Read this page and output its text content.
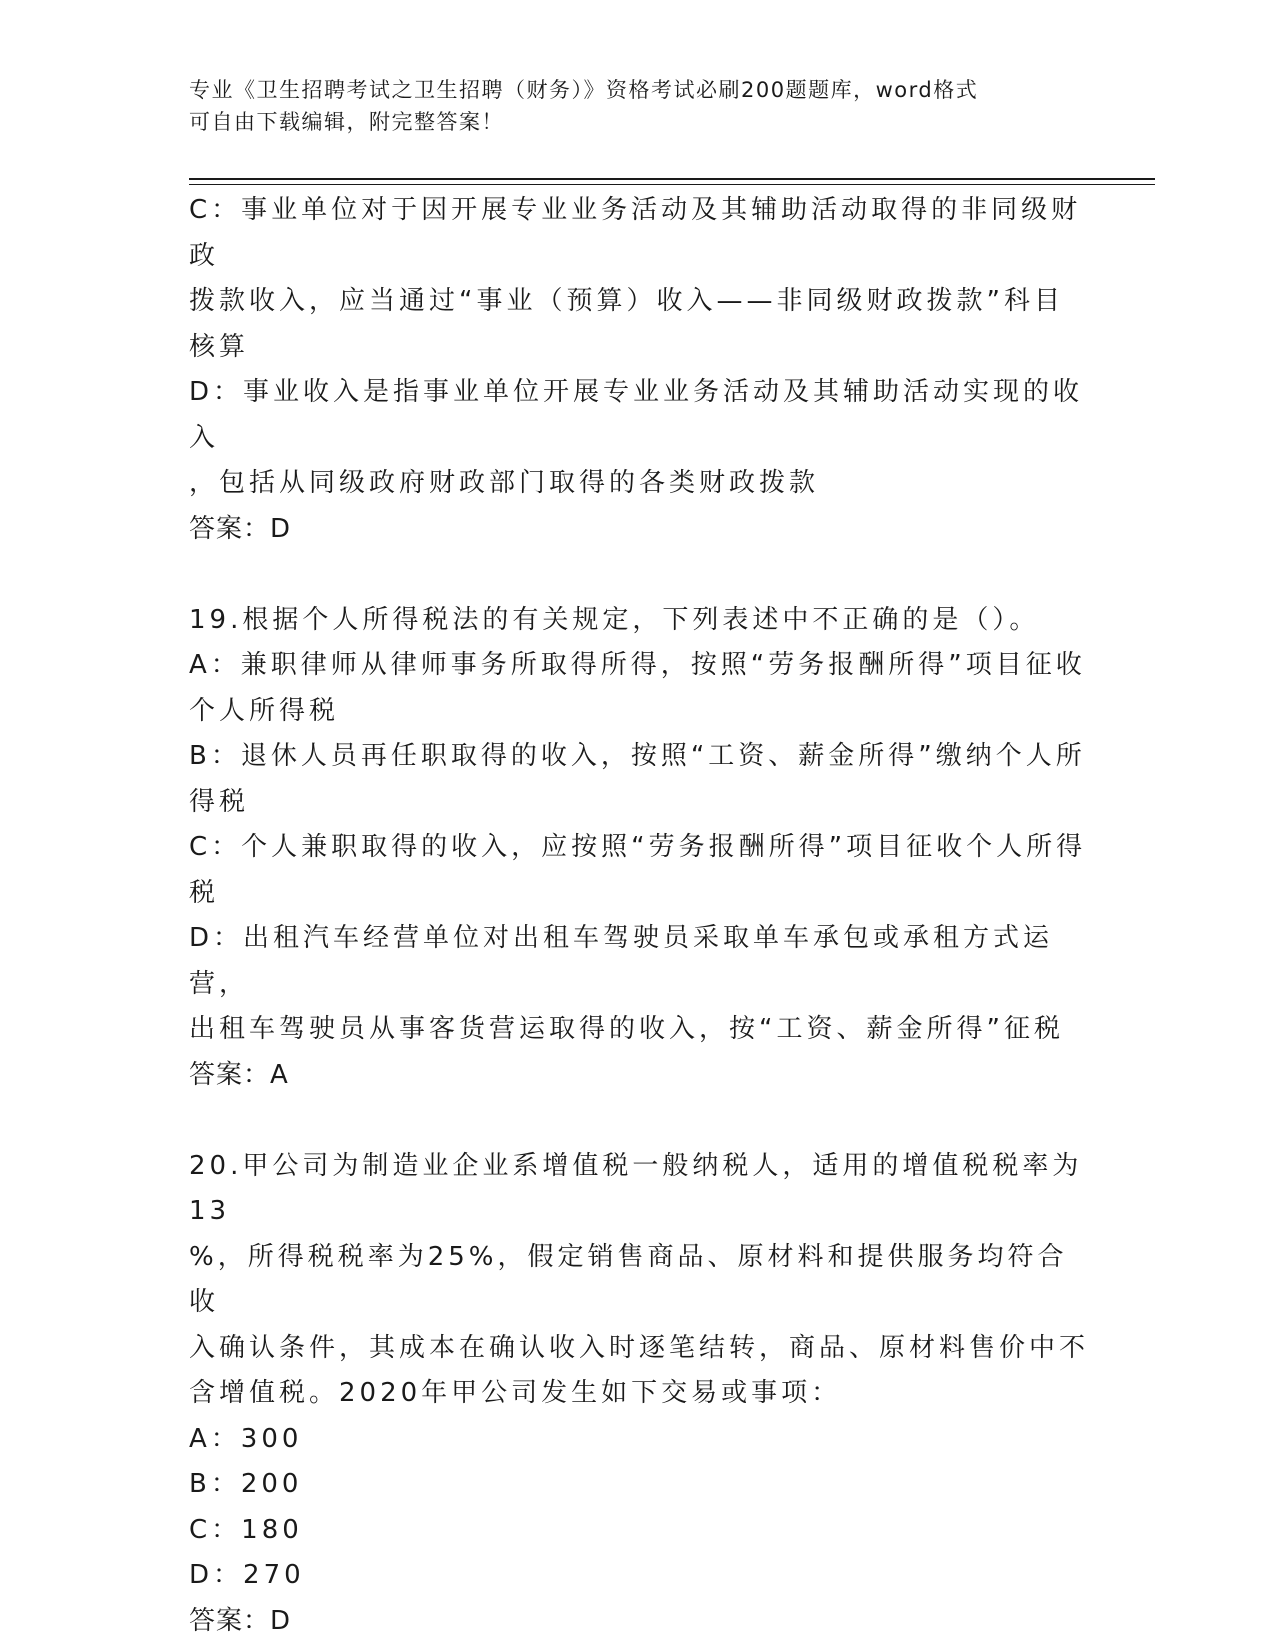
专业《卫生招聘考试之卫生招聘（财务）》资格考试必刷200题题库，word格式
可自由下载编辑，附完整答案！
C：事业单位对于因开展专业业务活动及其辅助活动取得的非同级财政
拨款收入，应当通过“事业（预算）收入——非同级财政拨款”科目
核算
D：事业收入是指事业单位开展专业业务活动及其辅助活动实现的收入
，包括从同级政府财政部门取得的各类财政拨款
答案：D
19.根据个人所得税法的有关规定，下列表述中不正确的是（）。
A：兼职律师从律师事务所取得所得，按照“劳务报酬所得”项目征收
个人所得税
B：退休人员再任职取得的收入，按照“工资、薪金所得”缴纳个人所
得税
C：个人兼职取得的收入，应按照“劳务报酬所得”项目征收个人所得
税
D：出租汽车经营单位对出租车驾驶员采取单车承包或承租方式运营，
出租车驾驶员从事客货营运取得的收入，按“工资、薪金所得”征税
答案：A
20.甲公司为制造业企业系增值税一般纳税人，适用的增值税税率为13
%，所得税税率为25%，假定销售商品、原材料和提供服务均符合收
入确认条件，其成本在确认收入时逐笔结转，商品、原材料售价中不
含增值税。2020年甲公司发生如下交易或事项：
A：300
B：200
C：180
D：270
答案：D
